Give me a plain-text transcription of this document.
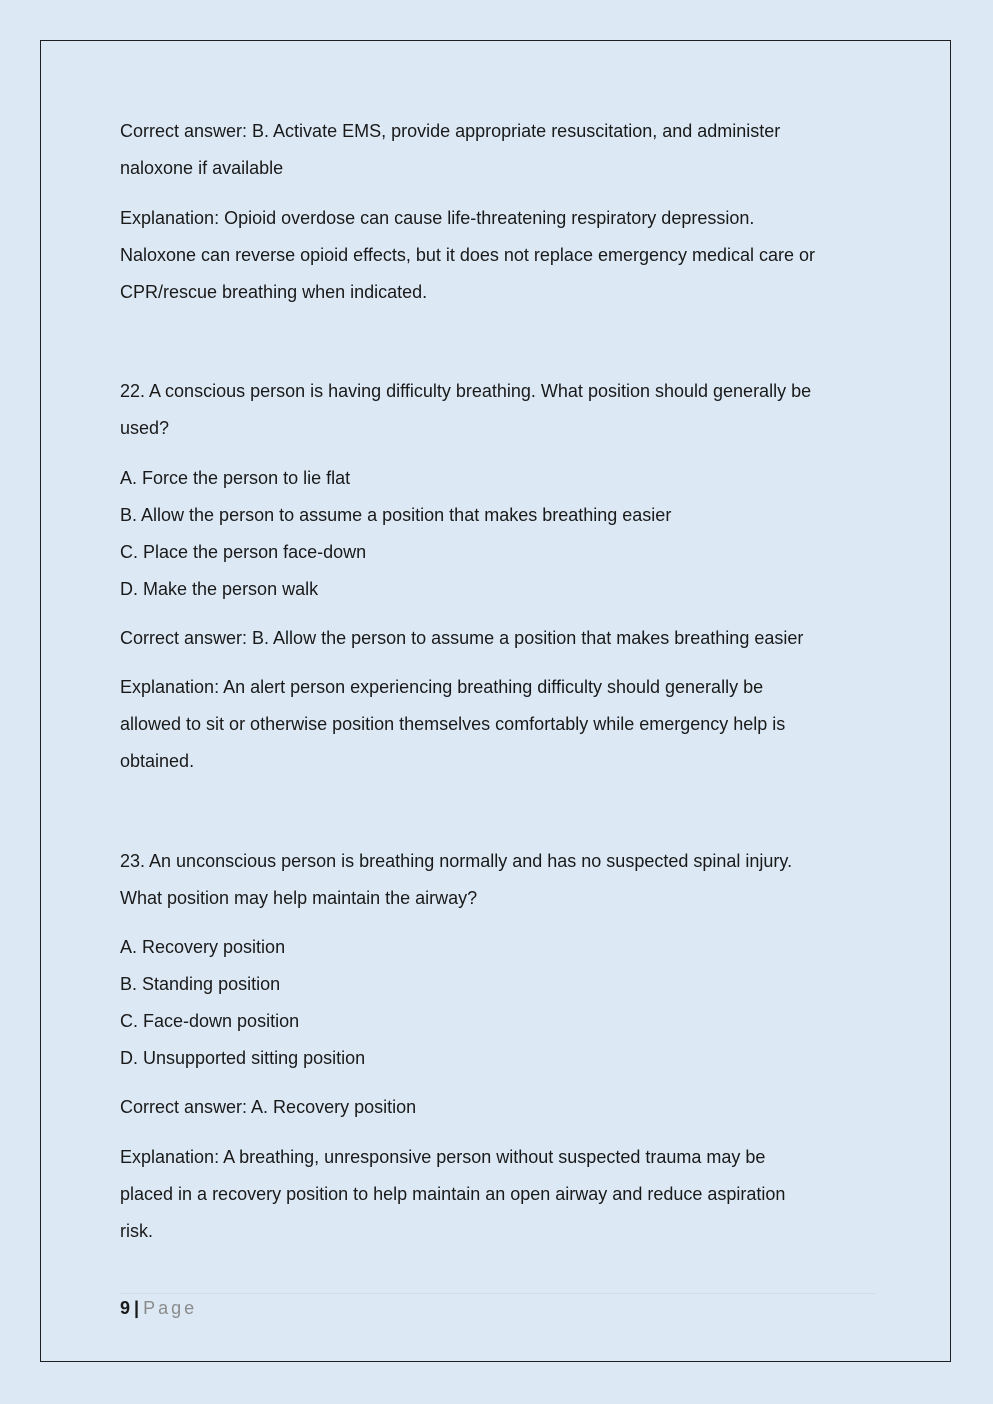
Correct answer: B. Activate EMS, provide appropriate resuscitation, and administer
naloxone if available
Explanation: Opioid overdose can cause life-threatening respiratory depression.
Naloxone can reverse opioid effects, but it does not replace emergency medical care or
CPR/rescue breathing when indicated.
22. A conscious person is having difficulty breathing. What position should generally be
used?
A. Force the person to lie flat
B. Allow the person to assume a position that makes breathing easier
C. Place the person face-down
D. Make the person walk
Correct answer: B. Allow the person to assume a position that makes breathing easier
Explanation: An alert person experiencing breathing difficulty should generally be
allowed to sit or otherwise position themselves comfortably while emergency help is
obtained.
23. An unconscious person is breathing normally and has no suspected spinal injury.
What position may help maintain the airway?
A. Recovery position
B. Standing position
C. Face-down position
D. Unsupported sitting position
Correct answer: A. Recovery position
Explanation: A breathing, unresponsive person without suspected trauma may be
placed in a recovery position to help maintain an open airway and reduce aspiration
risk.
9 | Page
